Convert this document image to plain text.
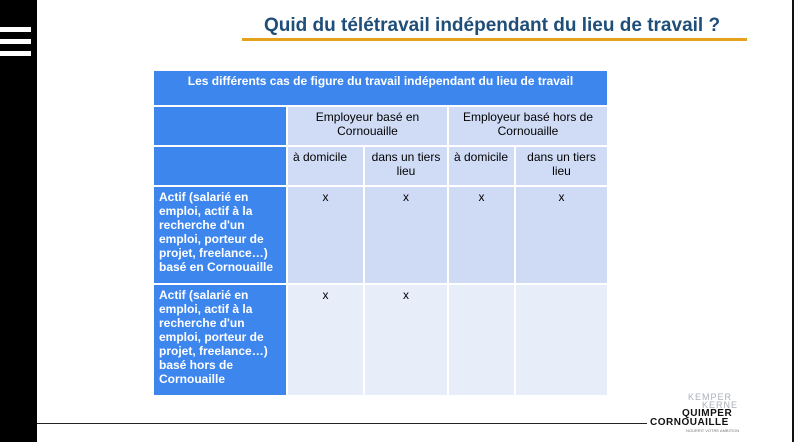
Quid du télétravail indépendant du lieu de travail ?
Les différents cas de figure du travail indépendant du lieu de travail				
	Employeur basé en Cornouaille		Employeur basé hors de Cornouaille	
	à domicile	dans un tiers lieu	à domicile	dans un tiers lieu
Actif (salarié en emploi, actif à la recherche d'un emploi, porteur de projet, freelance…) basé en Cornouaille	x	x	x	x
Actif (salarié en emploi, actif à la recherche d'un emploi, porteur de projet, freelance…) basé hors de Cornouaille	x	x		
KEMPER
KERNE
QUIMPER
CORNOUAILLE
NOURRIT VOTRE AMBITION
